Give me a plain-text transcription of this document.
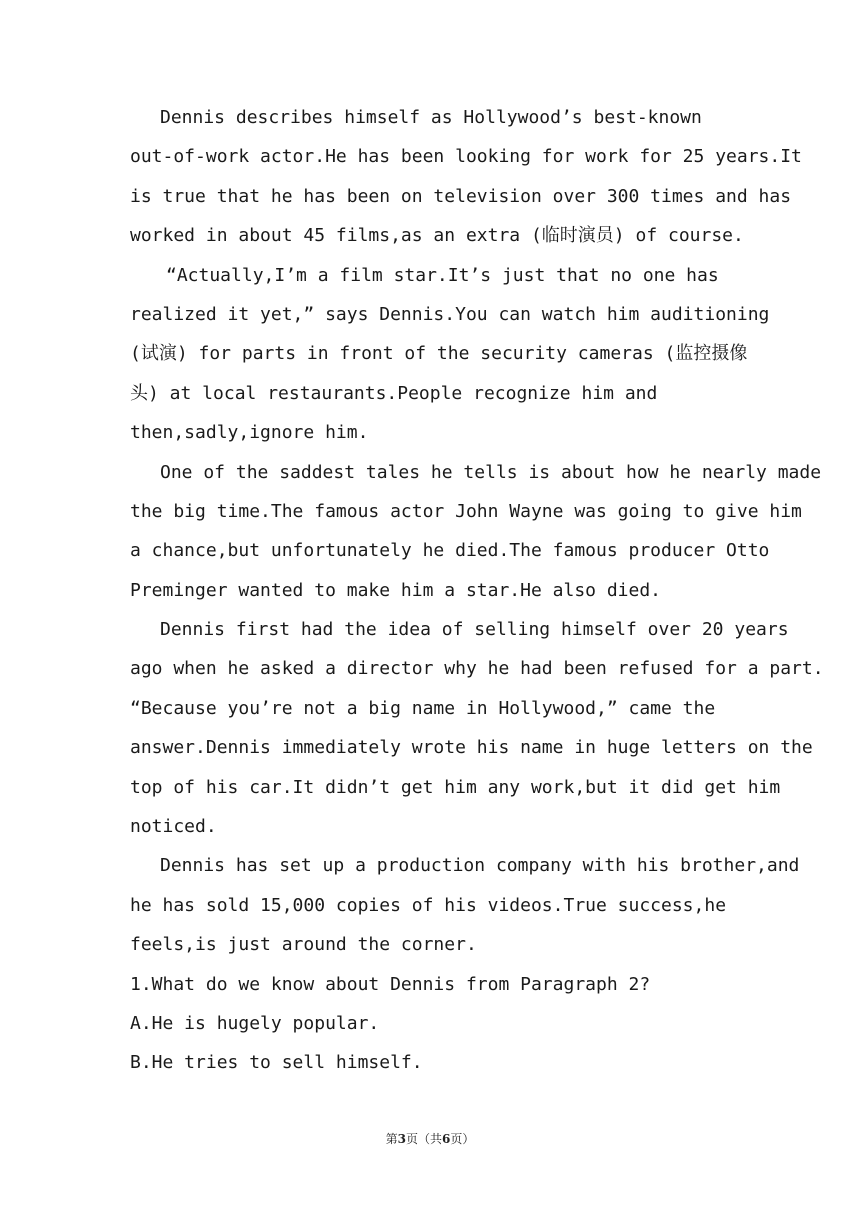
Dennis describes himself as Hollywood’s best-known
out-of-work actor.He has been looking for work for 25 years.It
is true that he has been on television over 300 times and has
worked in about 45 films,as an extra (临时演员) of course.
“Actually,I’m a film star.It’s just that no one has
realized it yet,” says Dennis.You can watch him auditioning
(试演) for parts in front of the security cameras (监控摄像
头) at local restaurants.People recognize him and
then,sadly,ignore him.
One of the saddest tales he tells is about how he nearly made
the big time.The famous actor John Wayne was going to give him
a chance,but unfortunately he died.The famous producer Otto
Preminger wanted to make him a star.He also died.
Dennis first had the idea of selling himself over 20 years
ago when he asked a director why he had been refused for a part.
“Because you’re not a big name in Hollywood,” came the
answer.Dennis immediately wrote his name in huge letters on the
top of his car.It didn’t get him any work,but it did get him
noticed.
Dennis has set up a production company with his brother,and
he has sold 15,000 copies of his videos.True success,he
feels,is just around the corner.
1.What do we know about Dennis from Paragraph 2?
A.He is hugely popular.
B.He tries to sell himself.
第3页（共6页）
